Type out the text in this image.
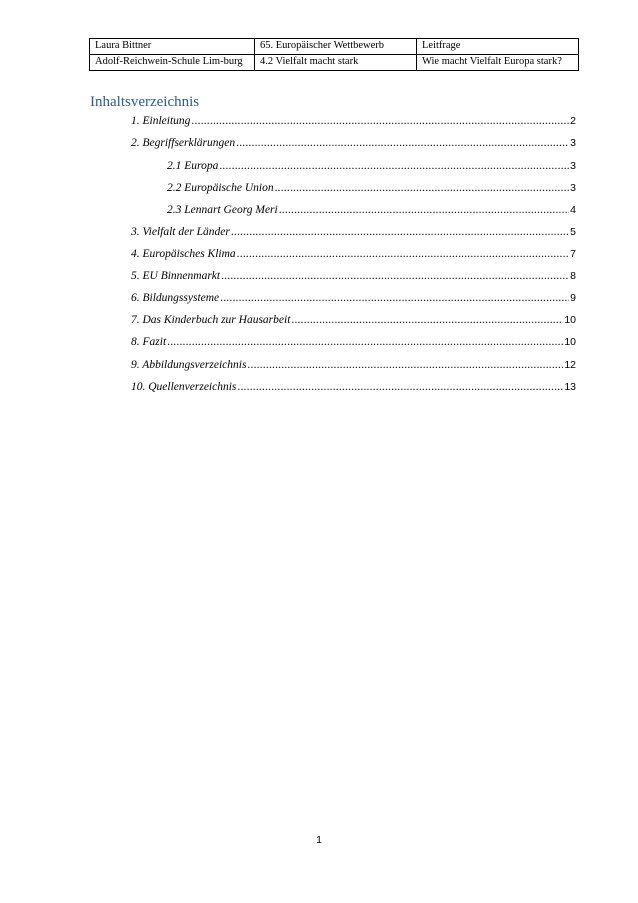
Laura Bittner	65. Europäischer Wettbewerb	Leitfrage
Adolf-Reichwein-Schule Lim-burg	4.2 Vielfalt macht stark	Wie macht Vielfalt Europa stark?
Inhaltsverzeichnis
1. Einleitung .....	2
2. Begriffserklärungen .....	3
2.1 Europa .....	3
2.2 Europäische Union .....	3
2.3 Lennart Georg Meri .....	4
3. Vielfalt der Länder .....	5
4. Europäisches Klima .....	7
5. EU Binnenmarkt .....	8
6. Bildungssysteme .....	9
7. Das Kinderbuch zur Hausarbeit .....	10
8. Fazit .....	10
9. Abbildungsverzeichnis .....	12
10. Quellenverzeichnis .....	13
1
